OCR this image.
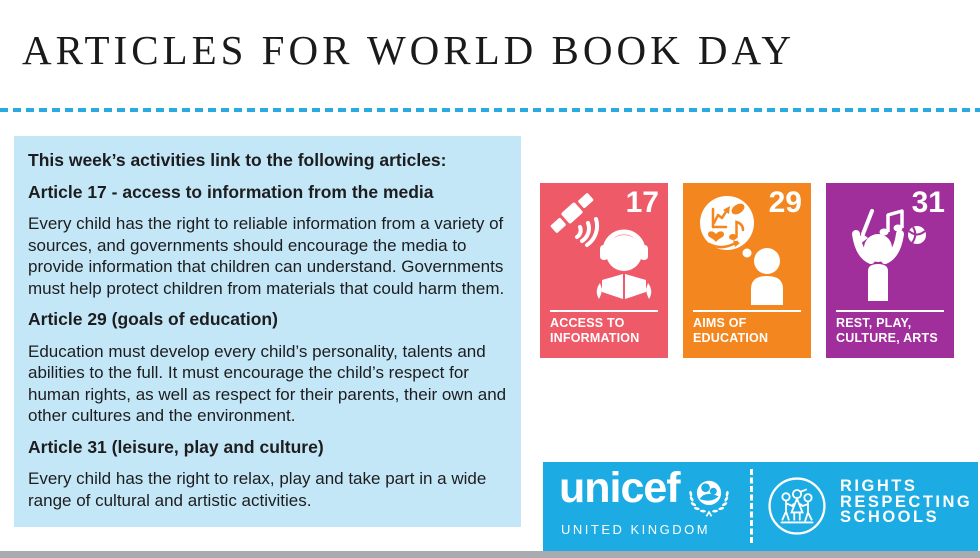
ARTICLES FOR WORLD BOOK DAY

This week’s activities link to the following articles:

Article 17 - access to information from the media

Every child has the right to reliable information from a variety of sources, and governments should encourage the media to provide information that children can understand. Governments must help protect children from materials that could harm them.

Article 29 (goals of education)

Education must develop every child’s personality, talents and abilities to the full. It must encourage the child’s respect for human rights, as well as respect for their parents, their own and other cultures and the environment.

Article 31 (leisure, play and culture)

Every child has the right to relax, play and take part in a wide range of cultural and artistic activities.

17
ACCESS TO
INFORMATION
29
AIMS OF
EDUCATION
31
REST, PLAY,
CULTURE, ARTS
unicef
UNITED KINGDOM
RIGHTS
RESPECTING
SCHOOLS
